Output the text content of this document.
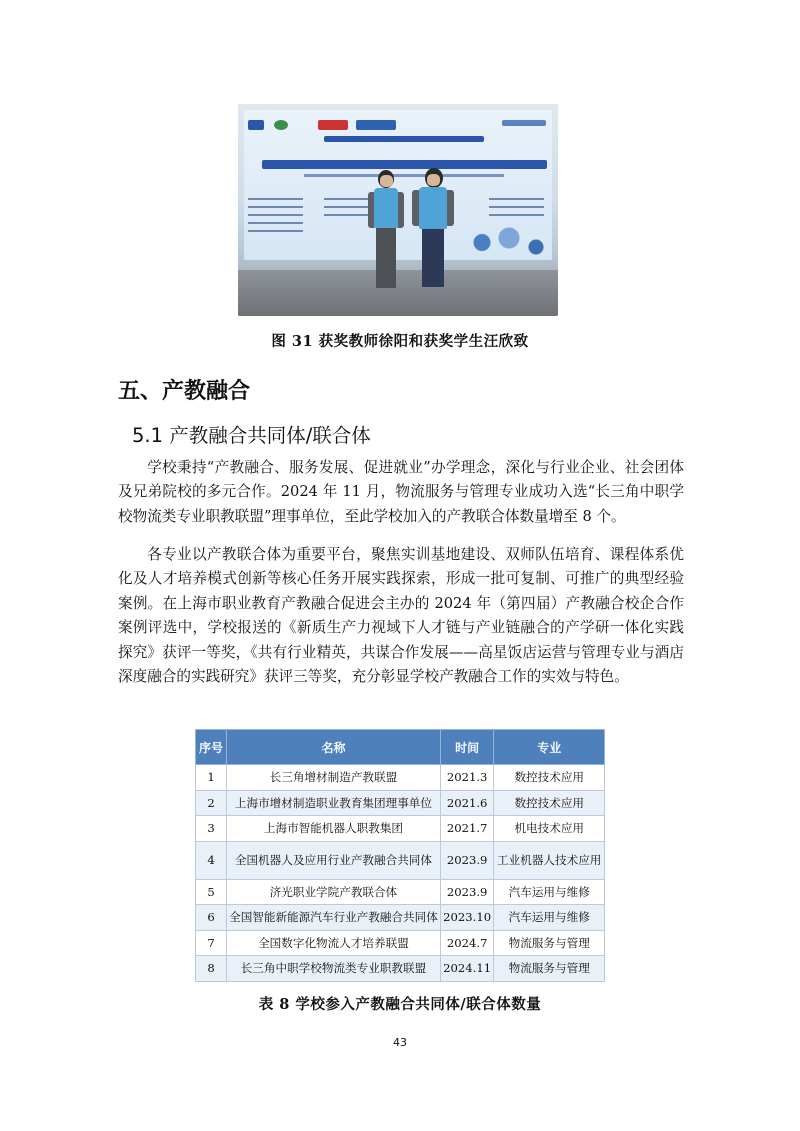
图 31 获奖教师徐阳和获奖学生汪欣致
五、产教融合
5.1 产教融合共同体/联合体

学校秉持“产教融合、服务发展、促进就业”办学理念，深化与行业企业、社会团体及兄弟院校的多元合作。2024 年 11 月，物流服务与管理专业成功入选“长三角中职学校物流类专业职教联盟”理事单位，至此学校加入的产教联合体数量增至 8 个。

各专业以产教联合体为重要平台，聚焦实训基地建设、双师队伍培育、课程体系优化及人才培养模式创新等核心任务开展实践探索，形成一批可复制、可推广的典型经验案例。在上海市职业教育产教融合促进会主办的 2024 年（第四届）产教融合校企合作案例评选中，学校报送的《新质生产力视域下人才链与产业链融合的产学研一体化实践探究》获评一等奖，《共有行业精英，共谋合作发展——高星饭店运营与管理专业与酒店深度融合的实践研究》获评三等奖，充分彰显学校产教融合工作的实效与特色。

序号	名称	时间	专业
1	长三角增材制造产教联盟	2021.3	数控技术应用
2	上海市增材制造职业教育集团理事单位	2021.6	数控技术应用
3	上海市智能机器人职教集团	2021.7	机电技术应用
4	全国机器人及应用行业产教融合共同体	2023.9	工业机器人技术应用
5	济光职业学院产教联合体	2023.9	汽车运用与维修
6	全国智能新能源汽车行业产教融合共同体	2023.10	汽车运用与维修
7	全国数字化物流人才培养联盟	2024.7	物流服务与管理
8	长三角中职学校物流类专业职教联盟	2024.11	物流服务与管理
表 8 学校参入产教融合共同体/联合体数量
43
